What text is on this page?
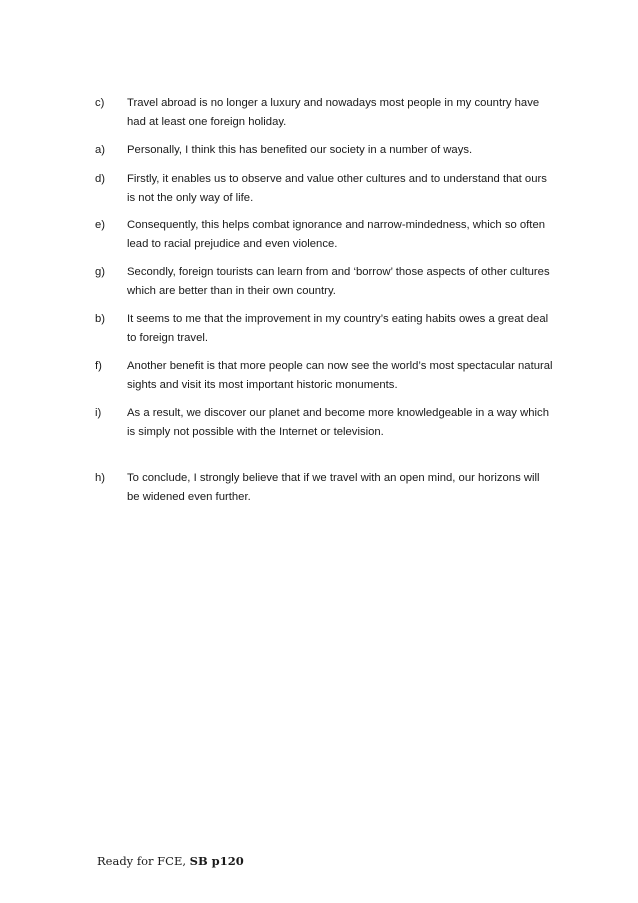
c)	Travel abroad is no longer a luxury and nowadays most people in my country have had at least one foreign holiday.
a)	Personally, I think this has benefited our society in a number of ways.
d)	Firstly, it enables us to observe and value other cultures and to understand that ours is not the only way of life.
e)	Consequently, this helps combat ignorance and narrow-mindedness, which so often lead to racial prejudice and even violence.
g)	Secondly, foreign tourists can learn from and ‘borrow’ those aspects of other cultures which are better than in their own country.
b)	It seems to me that the improvement in my country’s eating habits owes a great deal to foreign travel.
f)	Another benefit is that more people can now see the world’s most spectacular natural sights and visit its most important historic monuments.
i)	As a result, we discover our planet and become more knowledgeable in a way which is simply not possible with the Internet or television.
h)	To conclude, I strongly believe that if we travel with an open mind, our horizons will be widened even further.
Ready for FCE, SB p120
